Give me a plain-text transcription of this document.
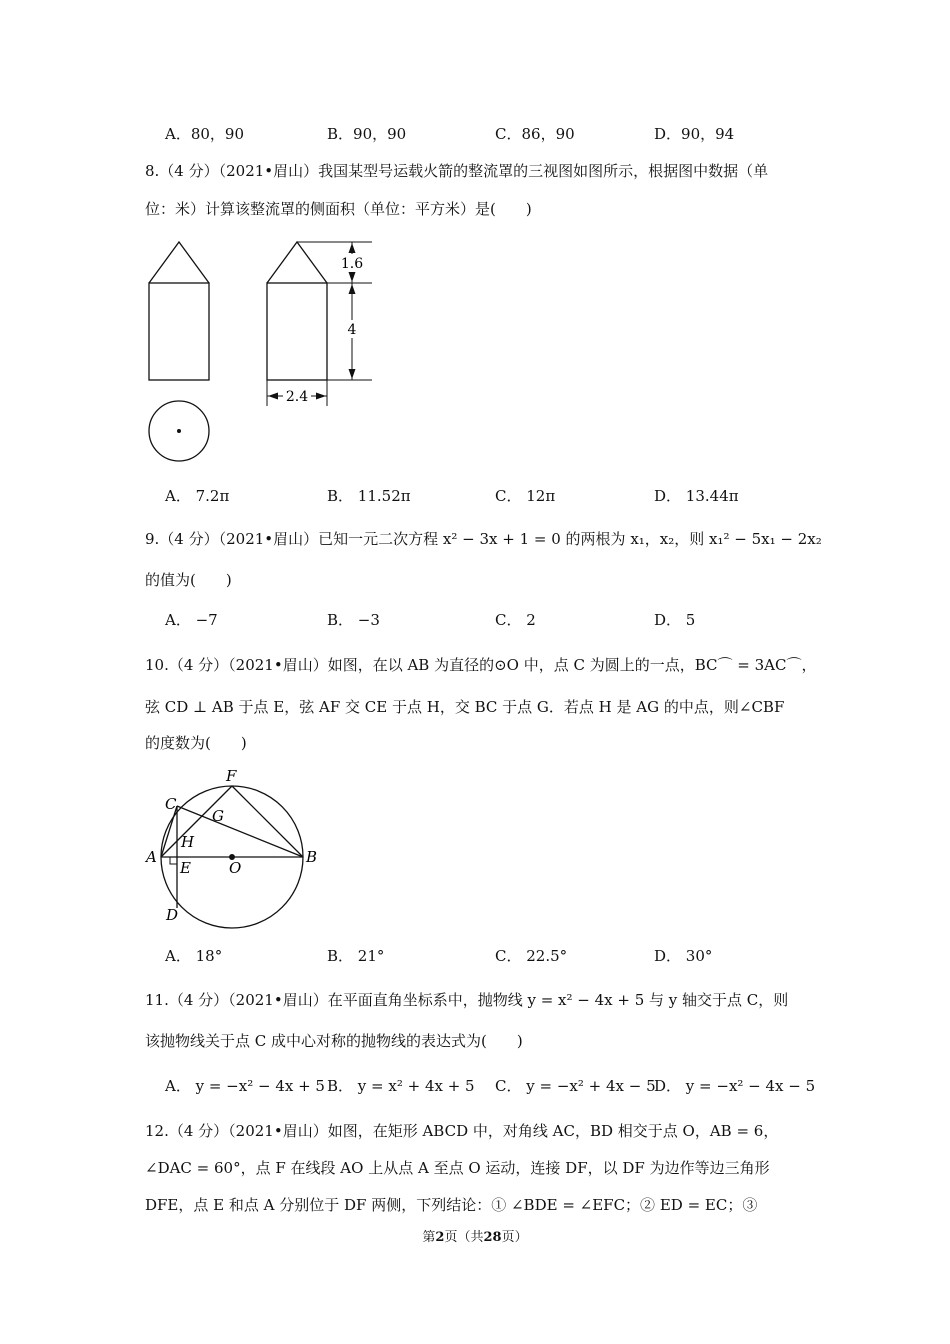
A．80，90	B．90，90	C．86，90	D．90，94
8.（4 分）（2021•眉山）我国某型号运载火箭的整流罩的三视图如图所示，根据图中数据（单
位：米）计算该整流罩的侧面积（单位：平方米）是(　　)
1.6
4
2.4
A． 7.2π	B． 11.52π	C． 12π	D． 13.44π
9.（4 分）（2021•眉山）已知一元二次方程 x² − 3x + 1 = 0 的两根为 x₁，x₂，则 x₁² − 5x₁ − 2x₂
的值为(　　)
A． −7	B． −3	C． 2	D． 5
10.（4 分）（2021•眉山）如图，在以 AB 为直径的⊙O 中，点 C 为圆上的一点，BC⌒ = 3AC⌒，
弦 CD ⊥ AB 于点 E，弦 AF 交 CE 于点 H，交 BC 于点 G．若点 H 是 AG 的中点，则∠CBF
的度数为(　　)
F
C
G
H
A
E	O
B
D
A． 18°	B． 21°	C． 22.5°	D． 30°
11.（4 分）（2021•眉山）在平面直角坐标系中，抛物线 y = x² − 4x + 5 与 y 轴交于点 C，则
该抛物线关于点 C 成中心对称的抛物线的表达式为(　　)
A． y = −x² − 4x + 5 B． y = x² + 4x + 5 C． y = −x² + 4x − 5
D． y = −x² − 4x − 5
12.（4 分）（2021•眉山）如图，在矩形 ABCD 中，对角线 AC，BD 相交于点 O，AB = 6，
∠DAC = 60°，点 F 在线段 AO 上从点 A 至点 O 运动，连接 DF，以 DF 为边作等边三角形
DFE，点 E 和点 A 分别位于 DF 两侧，下列结论：① ∠BDE = ∠EFC；② ED = EC；③
第2页（共28页）
